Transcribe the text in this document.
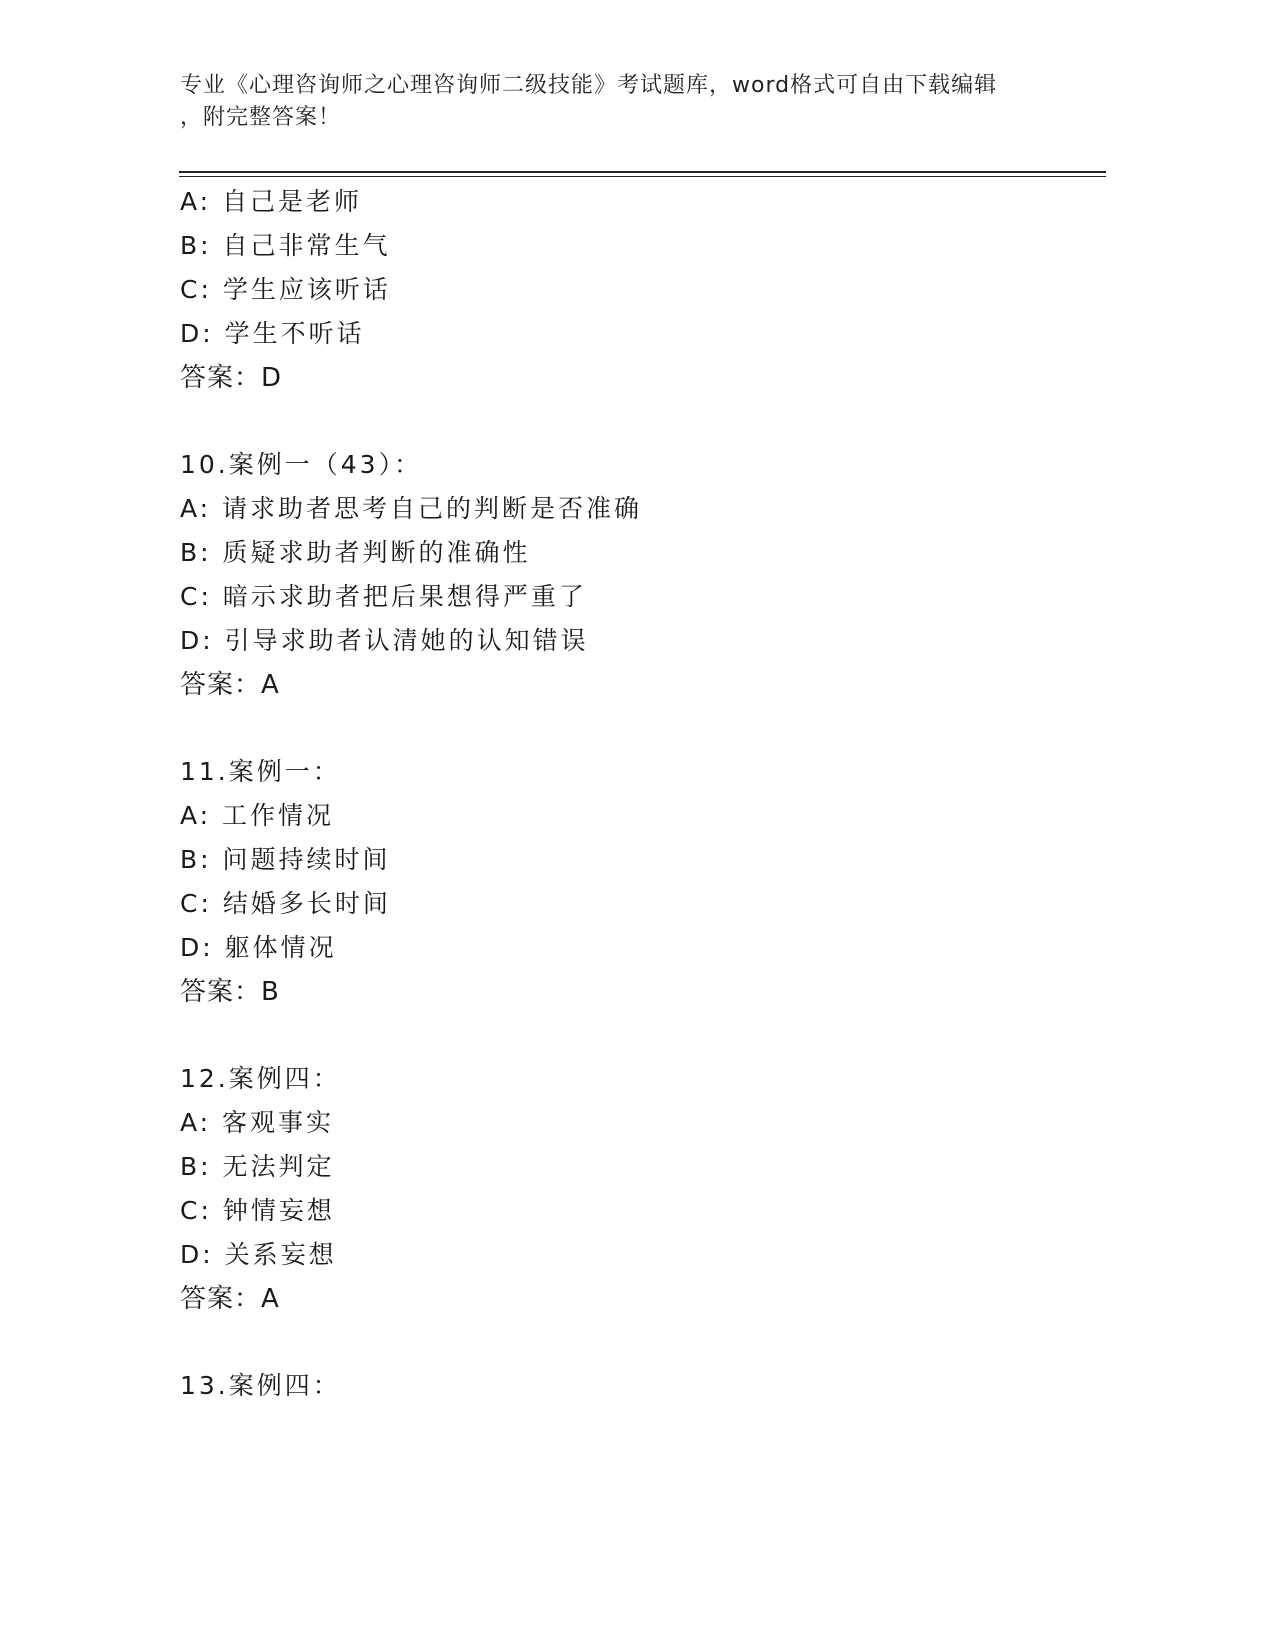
专业《心理咨询师之心理咨询师二级技能》考试题库，word格式可自由下载编辑
，附完整答案！
A: 自己是老师
B: 自己非常生气
C: 学生应该听话
D: 学生不听话
答案：D
10.案例一（43）：
A: 请求助者思考自己的判断是否准确
B: 质疑求助者判断的准确性
C: 暗示求助者把后果想得严重了
D: 引导求助者认清她的认知错误
答案：A
11.案例一：
A: 工作情况
B: 问题持续时间
C: 结婚多长时间
D: 躯体情况
答案：B
12.案例四：
A: 客观事实
B: 无法判定
C: 钟情妄想
D: 关系妄想
答案：A
13.案例四：
